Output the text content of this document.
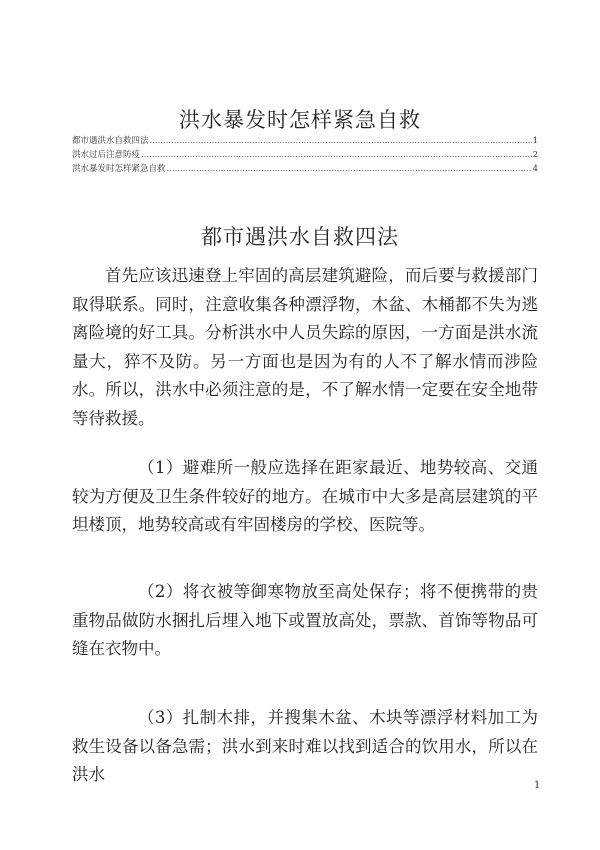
洪水暴发时怎样紧急自救
都市遇洪水自救四法 .....	1
洪水过后注意防疫 .....	2
洪水暴发时怎样紧急自救 .....	4
都市遇洪水自救四法

首先应该迅速登上牢固的高层建筑避险，而后要与救援部门取得联系。同时，注意收集各种漂浮物，木盆、木桶都不失为逃离险境的好工具。分析洪水中人员失踪的原因，一方面是洪水流量大，猝不及防。另一方面也是因为有的人不了解水情而涉险　水。所以，洪水中必须注意的是，不了解水情一定要在安全地带等待救援。

（1）避难所一般应选择在距家最近、地势较高、交通较为方便及卫生条件较好的地方。在城市中大多是高层建筑的平坦楼顶，地势较高或有牢固楼房的学校、医院等。

（2）将衣被等御寒物放至高处保存；将不便携带的贵重物品做防水捆扎后埋入地下或置放高处，票款、首饰等物品可缝在衣物中。

（3）扎制木排，并搜集木盆、木块等漂浮材料加工为救生设备以备急需；洪水到来时难以找到适合的饮用水，所以在洪水

1
